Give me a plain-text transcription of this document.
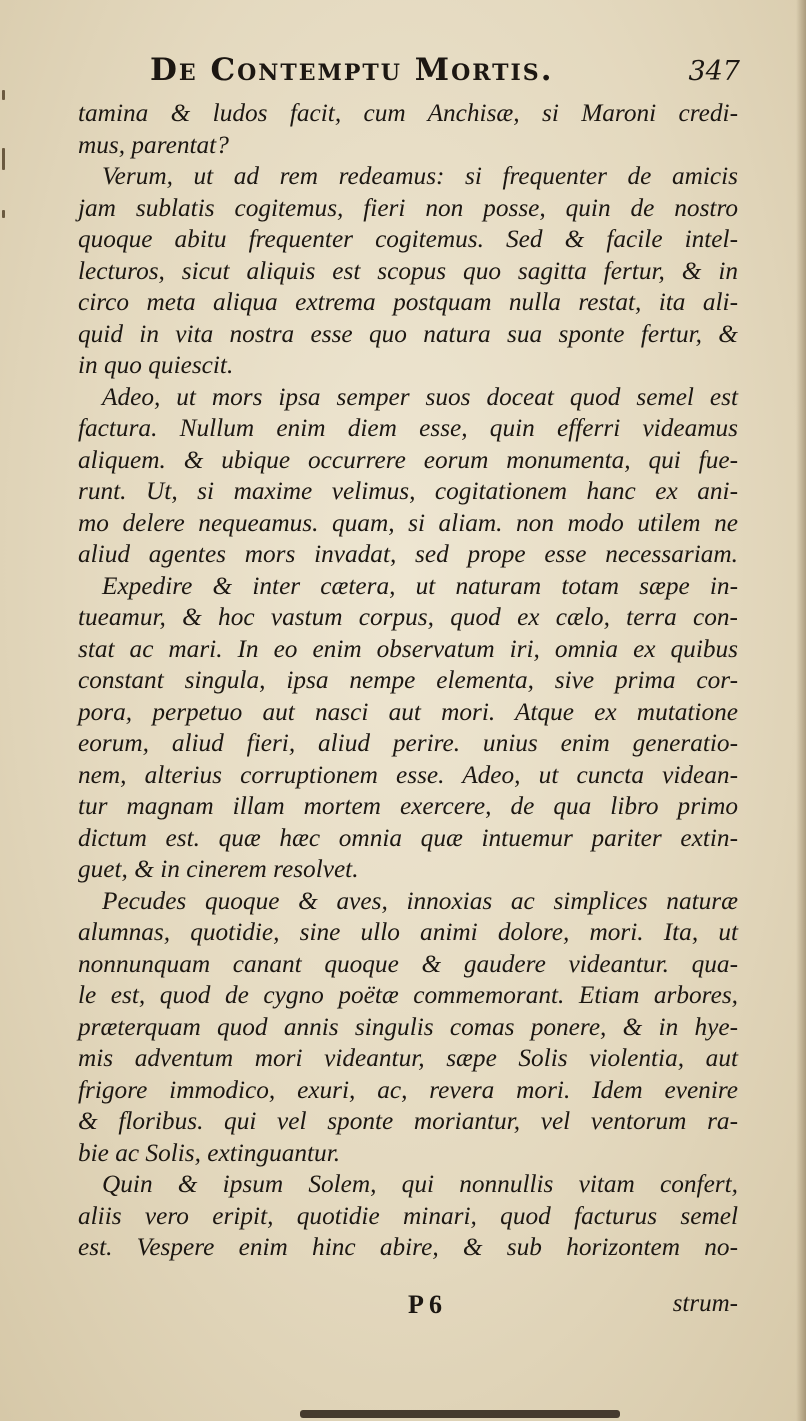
De Contemptu Mortis.	347
tamina & ludos facit, cum Anchisæ, si Maroni credi-
mus, parentat?
Verum, ut ad rem redeamus: si frequenter de amicis
jam sublatis cogitemus, fieri non posse, quin de nostro
quoque abitu frequenter cogitemus. Sed & facile intel-
lecturos, sicut aliquis est scopus quo sagitta fertur, & in
circo meta aliqua extrema postquam nulla restat, ita ali-
quid in vita nostra esse quo natura sua sponte fertur, &
in quo quiescit.
Adeo, ut mors ipsa semper suos doceat quod semel est
factura. Nullum enim diem esse, quin efferri videamus
aliquem. & ubique occurrere eorum monumenta, qui fue-
runt. Ut, si maxime velimus, cogitationem hanc ex ani-
mo delere nequeamus. quam, si aliam. non modo utilem ne
aliud agentes mors invadat, sed prope esse necessariam.
Expedire & inter cætera, ut naturam totam sæpe in-
tueamur, & hoc vastum corpus, quod ex cælo, terra con-
stat ac mari. In eo enim observatum iri, omnia ex quibus
constant singula, ipsa nempe elementa, sive prima cor-
pora, perpetuo aut nasci aut mori. Atque ex mutatione
eorum, aliud fieri, aliud perire. unius enim generatio-
nem, alterius corruptionem esse. Adeo, ut cuncta videan-
tur magnam illam mortem exercere, de qua libro primo
dictum est. quæ hæc omnia quæ intuemur pariter extin-
guet, & in cinerem resolvet.
Pecudes quoque & aves, innoxias ac simplices naturæ
alumnas, quotidie, sine ullo animi dolore, mori. Ita, ut
nonnunquam canant quoque & gaudere videantur. qua-
le est, quod de cygno poëtæ commemorant. Etiam arbores,
præterquam quod annis singulis comas ponere, & in hye-
mis adventum mori videantur, sæpe Solis violentia, aut
frigore immodico, exuri, ac, revera mori. Idem evenire
& floribus. qui vel sponte moriantur, vel ventorum ra-
bie ac Solis, extinguantur.
Quin & ipsum Solem, qui nonnullis vitam confert,
aliis vero eripit, quotidie minari, quod facturus semel
est. Vespere enim hinc abire, & sub horizontem no-
P 6	strum-
